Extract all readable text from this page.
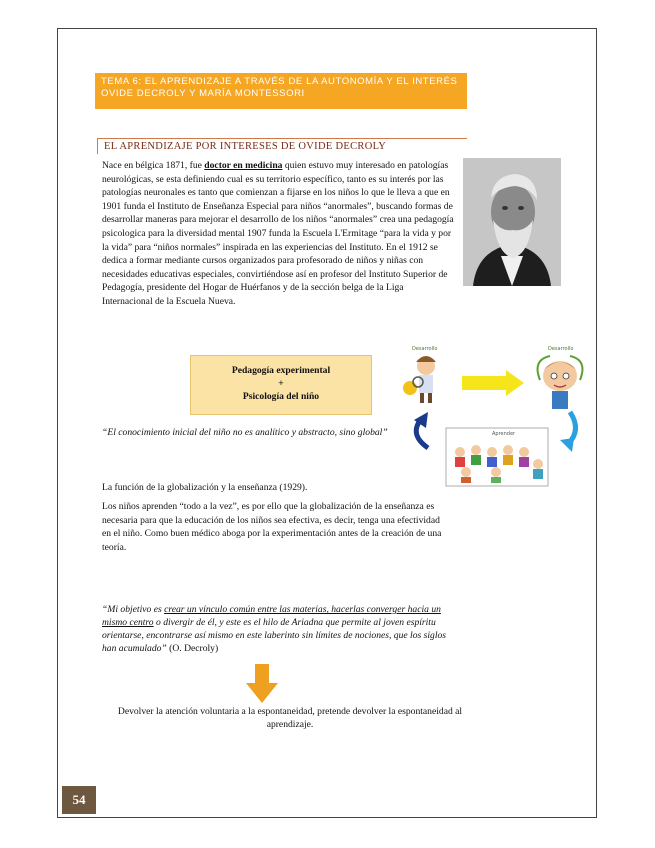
TEMA 6: EL APRENDIZAJE A TRAVÉS DE LA AUTONOMÍA Y EL INTERÉS OVIDE DECROLY Y MARÍA MONTESSORI
EL APRENDIZAJE POR INTERESES DE OVIDE DECROLY

Nace en bélgica 1871, fue doctor en medicina quien estuvo muy interesado en patologías neurológicas, se esta definiendo cual es su territorio específico, tanto es su interés por las patologías neuronales es tanto que comienzan a fijarse en los niños lo que le lleva a que en 1901 funda el Instituto de Enseñanza Especial para niños “anormales”, buscando formas de desarrollar maneras para mejorar el desarrollo de los niños “anormales” crea una pedagogía psicologica para la diversidad mental 1907 funda la Escuela L'Ermitage “para la vida y por la vida” para “niños normales” inspirada en las experiencias del Instituto. En el 1912 se dedica a formar mediante cursos organizados para profesorado de niños y niñas con necesidades educativas especiales, convirtiéndose así en profesor del Instituto Superior de Pedagogía, presidente del Hogar de Huérfanos y de la sección belga de la Liga Internacional de la Escuela Nueva.

Pedagogía experimental
+
Psicología del niño
Desarrollo	Desarrollo
Aprender
“El conocimiento inicial del niño no es analítico y abstracto, sino global”

La función de la globalización y la enseñanza (1929).

Los niños aprenden “todo a la vez”, es por ello que la globalización de la enseñanza es necesaria para que la educación de los niños sea efectiva, es decir, tenga una efectividad en el niño. Como buen médico aboga por la experimentación antes de la creación de una teoría.

“Mi objetivo es crear un vínculo común entre las materias, hacerlas converger hacia un mismo centro o divergir de él, y este es el hilo de Ariadna que permite al joven espíritu orientarse, encontrarse así mismo en este laberinto sin límites de nociones, que los siglos han acumulado” (O. Decroly)
Devolver la atención voluntaria a la espontaneidad, pretende devolver la espontaneidad al aprendizaje.
54
